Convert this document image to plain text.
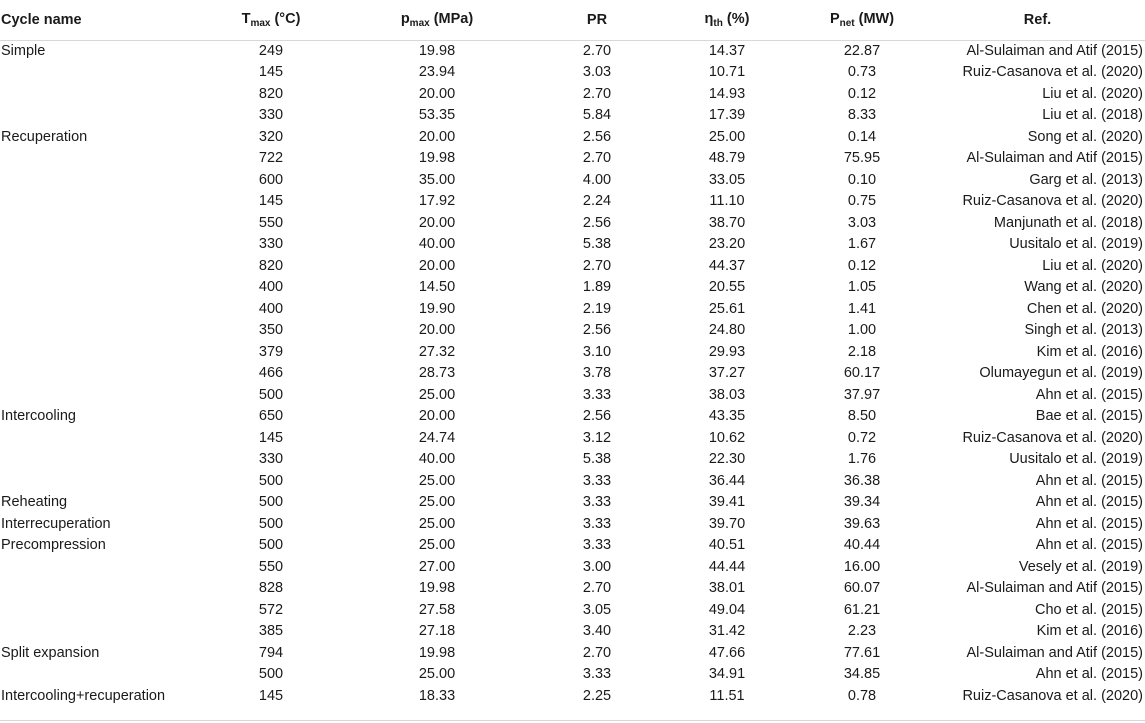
Cycle name	$T_{max}$ (°C)	$p_{max}$ (MPa)	PR	$\eta_{th}$ (%)	$P_{net}$ (MW)	Ref.
Simple	249	19.98	2.70	14.37	22.87	Al-Sulaiman and Atif (2015)
	145	23.94	3.03	10.71	0.73	Ruiz-Casanova et al. (2020)
	820	20.00	2.70	14.93	0.12	Liu et al. (2020)
	330	53.35	5.84	17.39	8.33	Liu et al. (2018)
Recuperation	320	20.00	2.56	25.00	0.14	Song et al. (2020)
	722	19.98	2.70	48.79	75.95	Al-Sulaiman and Atif (2015)
	600	35.00	4.00	33.05	0.10	Garg et al. (2013)
	145	17.92	2.24	11.10	0.75	Ruiz-Casanova et al. (2020)
	550	20.00	2.56	38.70	3.03	Manjunath et al. (2018)
	330	40.00	5.38	23.20	1.67	Uusitalo et al. (2019)
	820	20.00	2.70	44.37	0.12	Liu et al. (2020)
	400	14.50	1.89	20.55	1.05	Wang et al. (2020)
	400	19.90	2.19	25.61	1.41	Chen et al. (2020)
	350	20.00	2.56	24.80	1.00	Singh et al. (2013)
	379	27.32	3.10	29.93	2.18	Kim et al. (2016)
	466	28.73	3.78	37.27	60.17	Olumayegun et al. (2019)
	500	25.00	3.33	38.03	37.97	Ahn et al. (2015)
Intercooling	650	20.00	2.56	43.35	8.50	Bae et al. (2015)
	145	24.74	3.12	10.62	0.72	Ruiz-Casanova et al. (2020)
	330	40.00	5.38	22.30	1.76	Uusitalo et al. (2019)
	500	25.00	3.33	36.44	36.38	Ahn et al. (2015)
Reheating	500	25.00	3.33	39.41	39.34	Ahn et al. (2015)
Interrecuperation	500	25.00	3.33	39.70	39.63	Ahn et al. (2015)
Precompression	500	25.00	3.33	40.51	40.44	Ahn et al. (2015)
	550	27.00	3.00	44.44	16.00	Vesely et al. (2019)
	828	19.98	2.70	38.01	60.07	Al-Sulaiman and Atif (2015)
	572	27.58	3.05	49.04	61.21	Cho et al. (2015)
	385	27.18	3.40	31.42	2.23	Kim et al. (2016)
Split expansion	794	19.98	2.70	47.66	77.61	Al-Sulaiman and Atif (2015)
	500	25.00	3.33	34.91	34.85	Ahn et al. (2015)
Intercooling+recuperation	145	18.33	2.25	11.51	0.78	Ruiz-Casanova et al. (2020)
